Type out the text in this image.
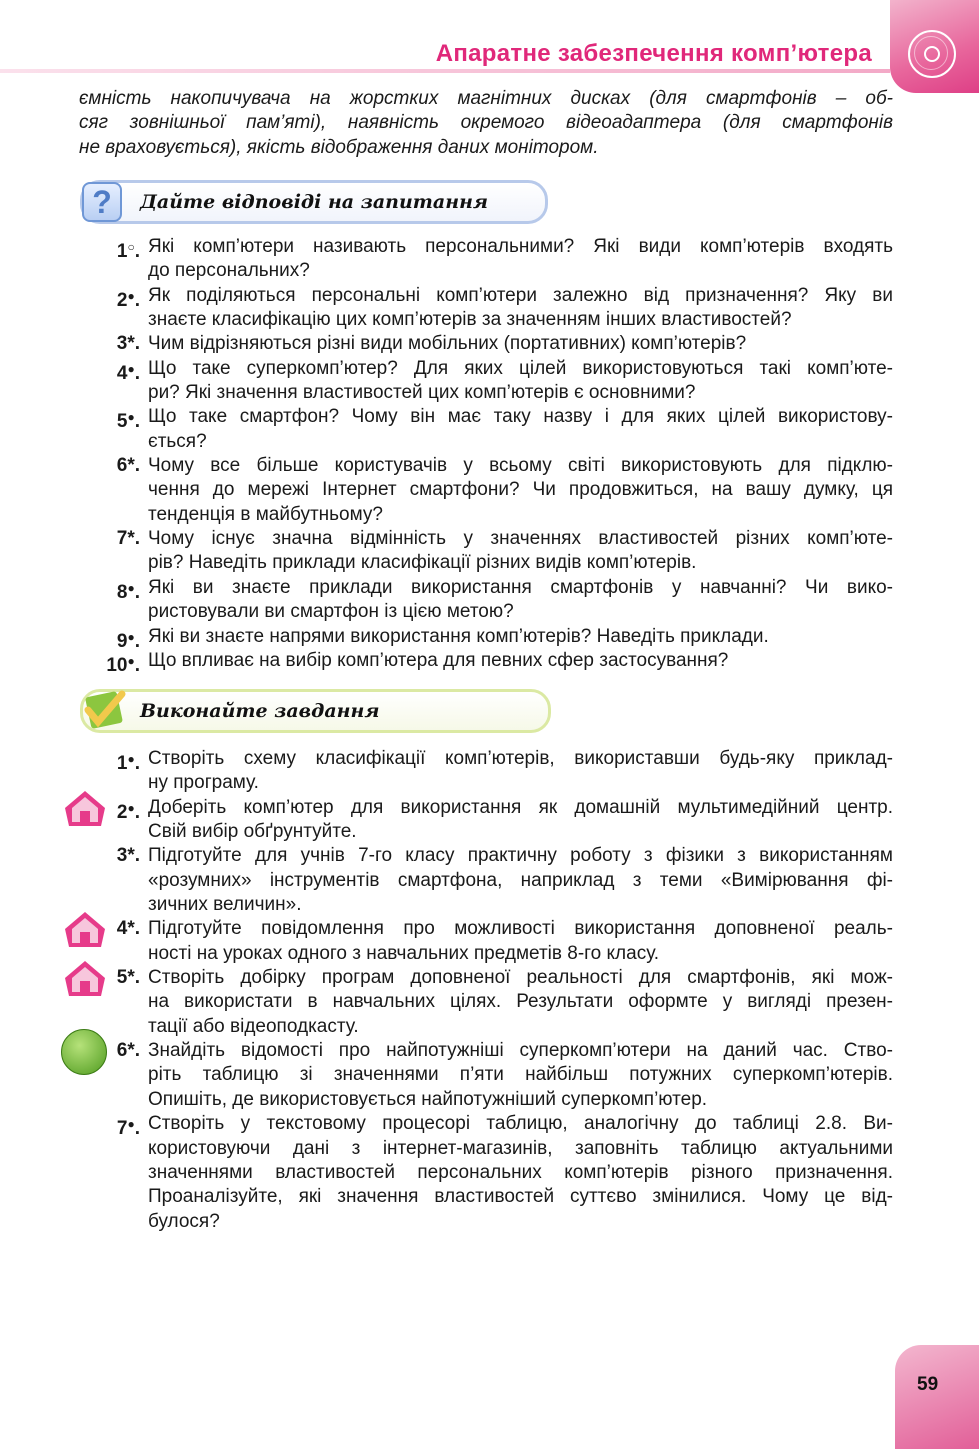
Апаратне забезпечення комп’ютера
ємність накопичувача на жорстких магнітних дисках (для смартфонів – об-
сяг зовнішньої пам’яті), наявність окремого відеоадаптера (для смартфонів
не враховується), якість відображення даних монітором.
Дайте відповіді на запитання
?
1○. Які комп’ютери називають персональними? Які види комп’ютерів входять
до персональних?
2●. Як поділяються персональні комп’ютери залежно від призначення? Яку ви
знаєте класифікацію цих комп’ютерів за значенням інших властивостей?
3*. Чим відрізняються різні види мобільних (портативних) комп’ютерів?
4●. Що таке суперкомп’ютер? Для яких цілей використовуються такі комп’юте-
ри? Які значення властивостей цих комп’ютерів є основними?
5●. Що таке смартфон? Чому він має таку назву і для яких цілей використову-
ється?
6*. Чому все більше користувачів у всьому світі використовують для підклю-
чення до мережі Інтернет смартфони? Чи продовжиться, на вашу думку, ця
тенденція в майбутньому?
7*. Чому існує значна відмінність у значеннях властивостей різних комп’юте-
рів? Наведіть приклади класифікації різних видів комп’ютерів.
8●. Які ви знаєте приклади використання смартфонів у навчанні? Чи вико-
ристовували ви смартфон із цією метою?
9●. Які ви знаєте напрями використання комп’ютерів? Наведіть приклади.
10●. Що впливає на вибір комп’ютера для певних сфер застосування?
Виконайте завдання
1●. Створіть схему класифікації комп’ютерів, використавши будь-яку приклад-
ну програму.
2●. Доберіть комп’ютер для використання як домашній мультимедійний центр.
Свій вибір обґрунтуйте.
3*. Підготуйте для учнів 7-го класу практичну роботу з фізики з використанням
«розумних» інструментів смартфона, наприклад з теми «Вимірювання фі-
зичних величин».
4*. Підготуйте повідомлення про можливості використання доповненої реаль-
ності на уроках одного з навчальних предметів 8-го класу.
5*. Створіть добірку програм доповненої реальності для смартфонів, які мож-
на використати в навчальних цілях. Результати оформте у вигляді презен-
тації або відеоподкасту.
6*. Знайдіть відомості про найпотужніші суперкомп’ютери на даний час. Ство-
ріть таблицю зі значеннями п’яти найбільш потужних суперкомп’ютерів.
Опишіть, де використовується найпотужніший суперкомп’ютер.
7●. Створіть у текстовому процесорі таблицю, аналогічну до таблиці 2.8. Ви-
користовуючи дані з інтернет-магазинів, заповніть таблицю актуальними
значеннями властивостей персональних комп’ютерів різного призначення.
Проаналізуйте, які значення властивостей суттєво змінилися. Чому це від-
булося?
59
